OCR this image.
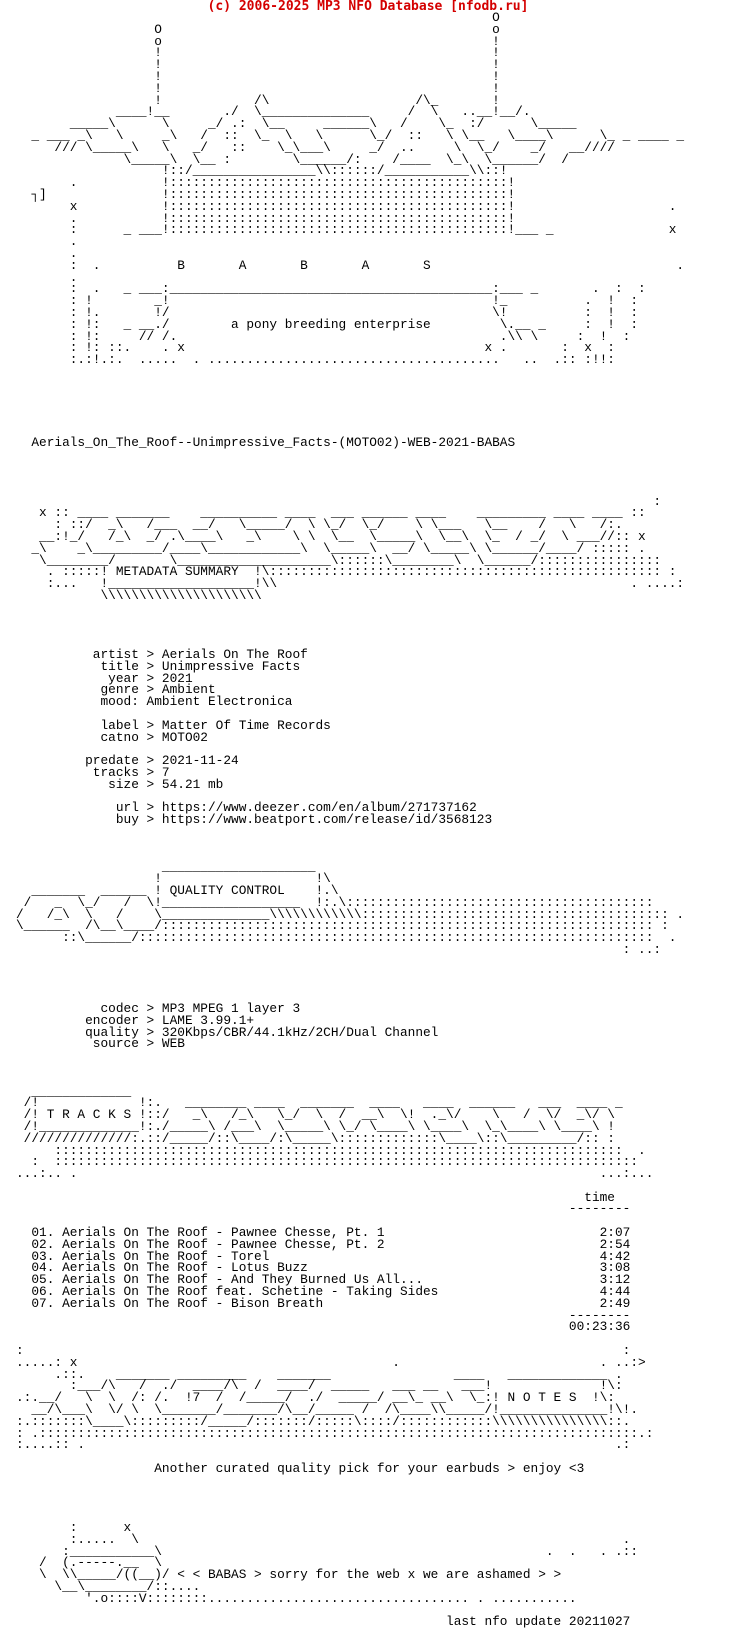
(c) 2006-2025 MP3 NFO Database [nfodb.ru]
O
O                                           o
o                                           !
!                                           !
!                                           !
!                                           !
!                                           !
!            /\                   /\_       !
____!__       ./  \______________     /  \   ..__!__/.
_____\      \     _/ .:  \__     ______\   /    \_  :/      \_____
_ ___ _\   \     _\   /  ::  \_  \   \      \_/  ::   \ \__   \____\      \_ _ ____ _
/// \_____\   \   _/   ::    \_\___\     _/  ..     \  \_/    _/   __////
\_____\  \__ :        \______/:    /____  \_\  \______/  /
!::/________________\\::::::/___________\\::!
.           !::::::::::::::::::::::::::::::::::::::::::::!
┐]               !::::::::::::::::::::::::::::::::::::::::::::!
x           !::::::::::::::::::::::::::::::::::::::::::::!                    .
.           !::::::::::::::::::::::::::::::::::::::::::::!
:      _ ___!::::::::::::::::::::::::::::::::::::::::::::!___ _               x
.
.
:  .          B       A       B       A       S                                .
.
:  .   _ ___:__________________________________________:___ _       .  :  :
: !        _!                                          !_          .  !  :
: !.       !/                                          \!          :  !  :
: !:   _ __./        a pony breeding enterprise         \.__ _     :  !  :
: !:     // /.                                          .\\ \     :  !  :
: !: ::.    . x                                       x .       :  x  :
:.:!.:.  .....  . ......................................   ..  .:: :!!:
Aerials_On_The_Roof--Unimpressive_Facts-(MOTO02)-WEB-2021-BABAS
:
x :: ____ _______    __________ ____  ___ ______ ____    _________ ____ ____ ::
: ::/  _\   /___  __/   \_____/  \ \_/  \_/    \ \___   \__    /   \   /:.
__:!_/   /_\  _/ .\____\   _\    \ \  \__  \_____\  \__\  \_  / _/  \ ___//:: x
_\    _\_________/____\____________\  \_____\  __/ \_____\ \______/____/ ::::: .
\________/       \____________________\::::::\________\  \______/::::::::::::::::
. :::::! METADATA SUMMARY  !\::::::::::::::::::::::::::::::::::::::::::::::::::: :
:...   !___________________!\\                                              . ....:
\\\\\\\\\\\\\\\\\\\\\
artist > Aerials On The Roof
title > Unimpressive Facts
year > 2021
genre > Ambient
mood: Ambient Electronica
label > Matter Of Time Records
catno > MOTO02
predate > 2021-11-24
tracks > 7
size > 54.21 mb
url > https://www.deezer.com/en/album/271737162
buy > https://www.beatport.com/release/id/3568123
____________________
!                    !\
_______  ______ ! QUALITY CONTROL    !.\
/   _  \_/   /  \!__________________  !:.\::::::::::::::::::::::::::::::::::::::::
/   /_\  \   /    \______________\\\\\\\\\\\\:::::::::::::::::::::::::::::::::::::::: .
\______  /\__\____/:::::::::::::::::::::::::::::::::::::::::::::::::::::::::::::::: :
::\______/:::::::::::::::::::::::::::::::::::::::::::::::::::::::::::::::::::  .
: ..:
codec > MP3 MPEG 1 layer 3
encoder > LAME 3.99.1+
quality > 320Kbps/CBR/44.1kHz/2CH/Dual Channel
source > WEB
_____________
/!             !:.   ________ ____  _______  ____   ____  ______   ___  ____ _
/! T R A C K S !::/   _\   /_\   \_/  \  /  __\  \!  ._\/    \   /  \/  _\/ \
/!_____________!:./_____\ /___\  \_____\ \_/ \____\ \____\  \_\____\ \____\ !
//////////////:.::/_____/::\____/:\_____\:::::::::::::\____\::\_________/:: :
::::::::::::::::::::::::::::::::::::::::::::::::::::::::::::::::::::::::::  .
:  ::::::::::::::::::::::::::::::::::::::::::::::::::::::::::::::::::::::::::::
...:.. .                                                                    ...:...
time
--------
01. Aerials On The Roof - Pawnee Chesse, Pt. 1                            2:07
02. Aerials On The Roof - Pawnee Chesse, Pt. 2                            2:54
03. Aerials On The Roof - Torel                                           4:42
04. Aerials On The Roof - Lotus Buzz                                      3:08
05. Aerials On The Roof - And They Burned Us All...                       3:12
06. Aerials On The Roof feat. Schetine - Taking Sides                     4:44
07. Aerials On The Roof - Bison Breath                                    2:49
--------
00:23:36
:                                                                              :
.....: x                                         .                          . ..:>
.::.    _______ _________    _______                ____   _____________ .
:___/\   /  ./  ____/\  /  ____/  _____   ___ __   ___!              !\:
.:.__/   \  \  /: /.  !7  /  /_____/  ./  _____/ __\_ __\  \_:! N O T E S  !\:
__/\___\  \/ \  \_______/_______/\__/_____ /  /\____\\_____/!______________!\!.
:.:::::::\____\:::::::::/_____/:::::::/:::::\::::/::::::::::::\\\\\\\\\\\\\\\::.
: .::::::::::::::::::::::::::::::::::::::::::::::::::::::::::::::::::::::::::::::.:
:....:: .                                                                     .:
Another curated quality pick for your earbuds > enjoy <3
:      x
:.....  \                                                               .
:___________\                                                  .  .   . .::
/  (.-----.__  \
\  \\_____/((__)/ < < BABAS > sorry for the web x we are ashamed > >
\__\________/::....
'.o::::V::::::::.................................. . ...........
last nfo update 20211027
